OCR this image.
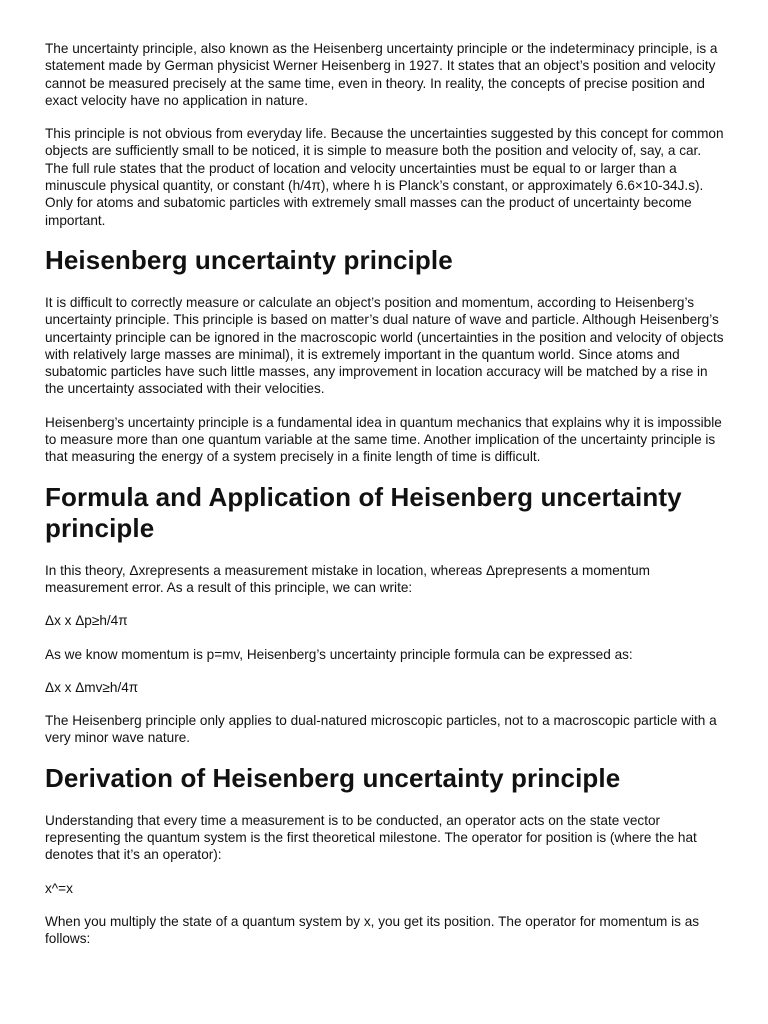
The uncertainty principle, also known as the Heisenberg uncertainty principle or the indeterminacy principle, is a statement made by German physicist Werner Heisenberg in 1927. It states that an object’s position and velocity cannot be measured precisely at the same time, even in theory. In reality, the concepts of precise position and exact velocity have no application in nature.

This principle is not obvious from everyday life. Because the uncertainties suggested by this concept for common objects are sufficiently small to be noticed, it is simple to measure both the position and velocity of, say, a car. The full rule states that the product of location and velocity uncertainties must be equal to or larger than a minuscule physical quantity, or constant (h/4π), where h is Planck’s constant, or approximately 6.6×10-34J.s). Only for atoms and subatomic particles with extremely small masses can the product of uncertainty become important.

Heisenberg uncertainty principle

It is difficult to correctly measure or calculate an object’s position and momentum, according to Heisenberg’s uncertainty principle. This principle is based on matter’s dual nature of wave and particle. Although Heisenberg’s uncertainty principle can be ignored in the macroscopic world (uncertainties in the position and velocity of objects with relatively large masses are minimal), it is extremely important in the quantum world. Since atoms and subatomic particles have such little masses, any improvement in location accuracy will be matched by a rise in the uncertainty associated with their velocities.

Heisenberg’s uncertainty principle is a fundamental idea in quantum mechanics that explains why it is impossible to measure more than one quantum variable at the same time. Another implication of the uncertainty principle is that measuring the energy of a system precisely in a finite length of time is difficult.

Formula and Application of Heisenberg uncertainty principle

In this theory, Δxrepresents a measurement mistake in location, whereas Δprepresents a momentum measurement error. As a result of this principle, we can write:

Δx x Δp≥h/4π

As we know momentum is p=mv, Heisenberg’s uncertainty principle formula can be expressed as:

Δx x Δmv≥h/4π

The Heisenberg principle only applies to dual-natured microscopic particles, not to a macroscopic particle with a very minor wave nature.

Derivation of Heisenberg uncertainty principle

Understanding that every time a measurement is to be conducted, an operator acts on the state vector representing the quantum system is the first theoretical milestone. The operator for position is (where the hat denotes that it’s an operator):

x^=x

When you multiply the state of a quantum system by x, you get its position. The operator for momentum is as follows:
